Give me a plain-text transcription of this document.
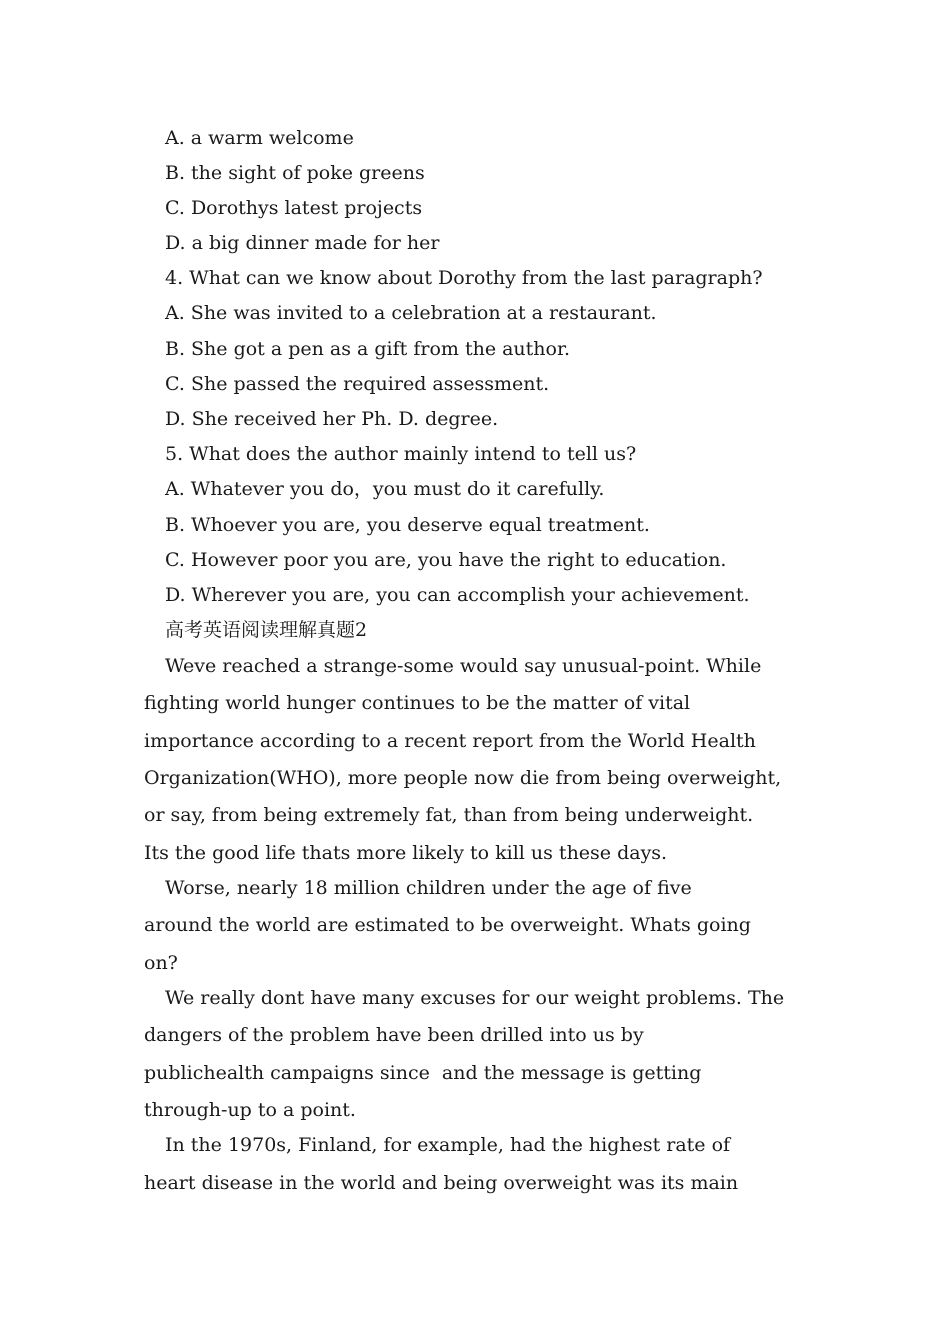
A. a warm welcome
B. the sight of poke greens
C. Dorothys latest projects
D. a big dinner made for her
4. What can we know about Dorothy from the last paragraph?
A. She was invited to a celebration at a restaurant.
B. She got a pen as a gift from the author.
C. She passed the required assessment.
D. She received her Ph. D. degree.
5. What does the author mainly intend to tell us?
A. Whatever you do，you must do it carefully.
B. Whoever you are, you deserve equal treatment.
C. However poor you are, you have the right to education.
D. Wherever you are, you can accomplish your achievement.
高考英语阅读理解真题2
Weve reached a strange-some would say unusual-point. While
fighting world hunger continues to be the matter of vital
importance according to a recent report from the World Health
Organization(WHO), more people now die from being overweight,
or say, from being extremely fat, than from being underweight.
Its the good life thats more likely to kill us these days.
Worse, nearly 18 million children under the age of five
around the world are estimated to be overweight. Whats going
on?
We really dont have many excuses for our weight problems. The
dangers of the problem have been drilled into us by
publichealth campaigns since  and the message is getting
through-up to a point.
In the 1970s, Finland, for example, had the highest rate of
heart disease in the world and being overweight was its main
